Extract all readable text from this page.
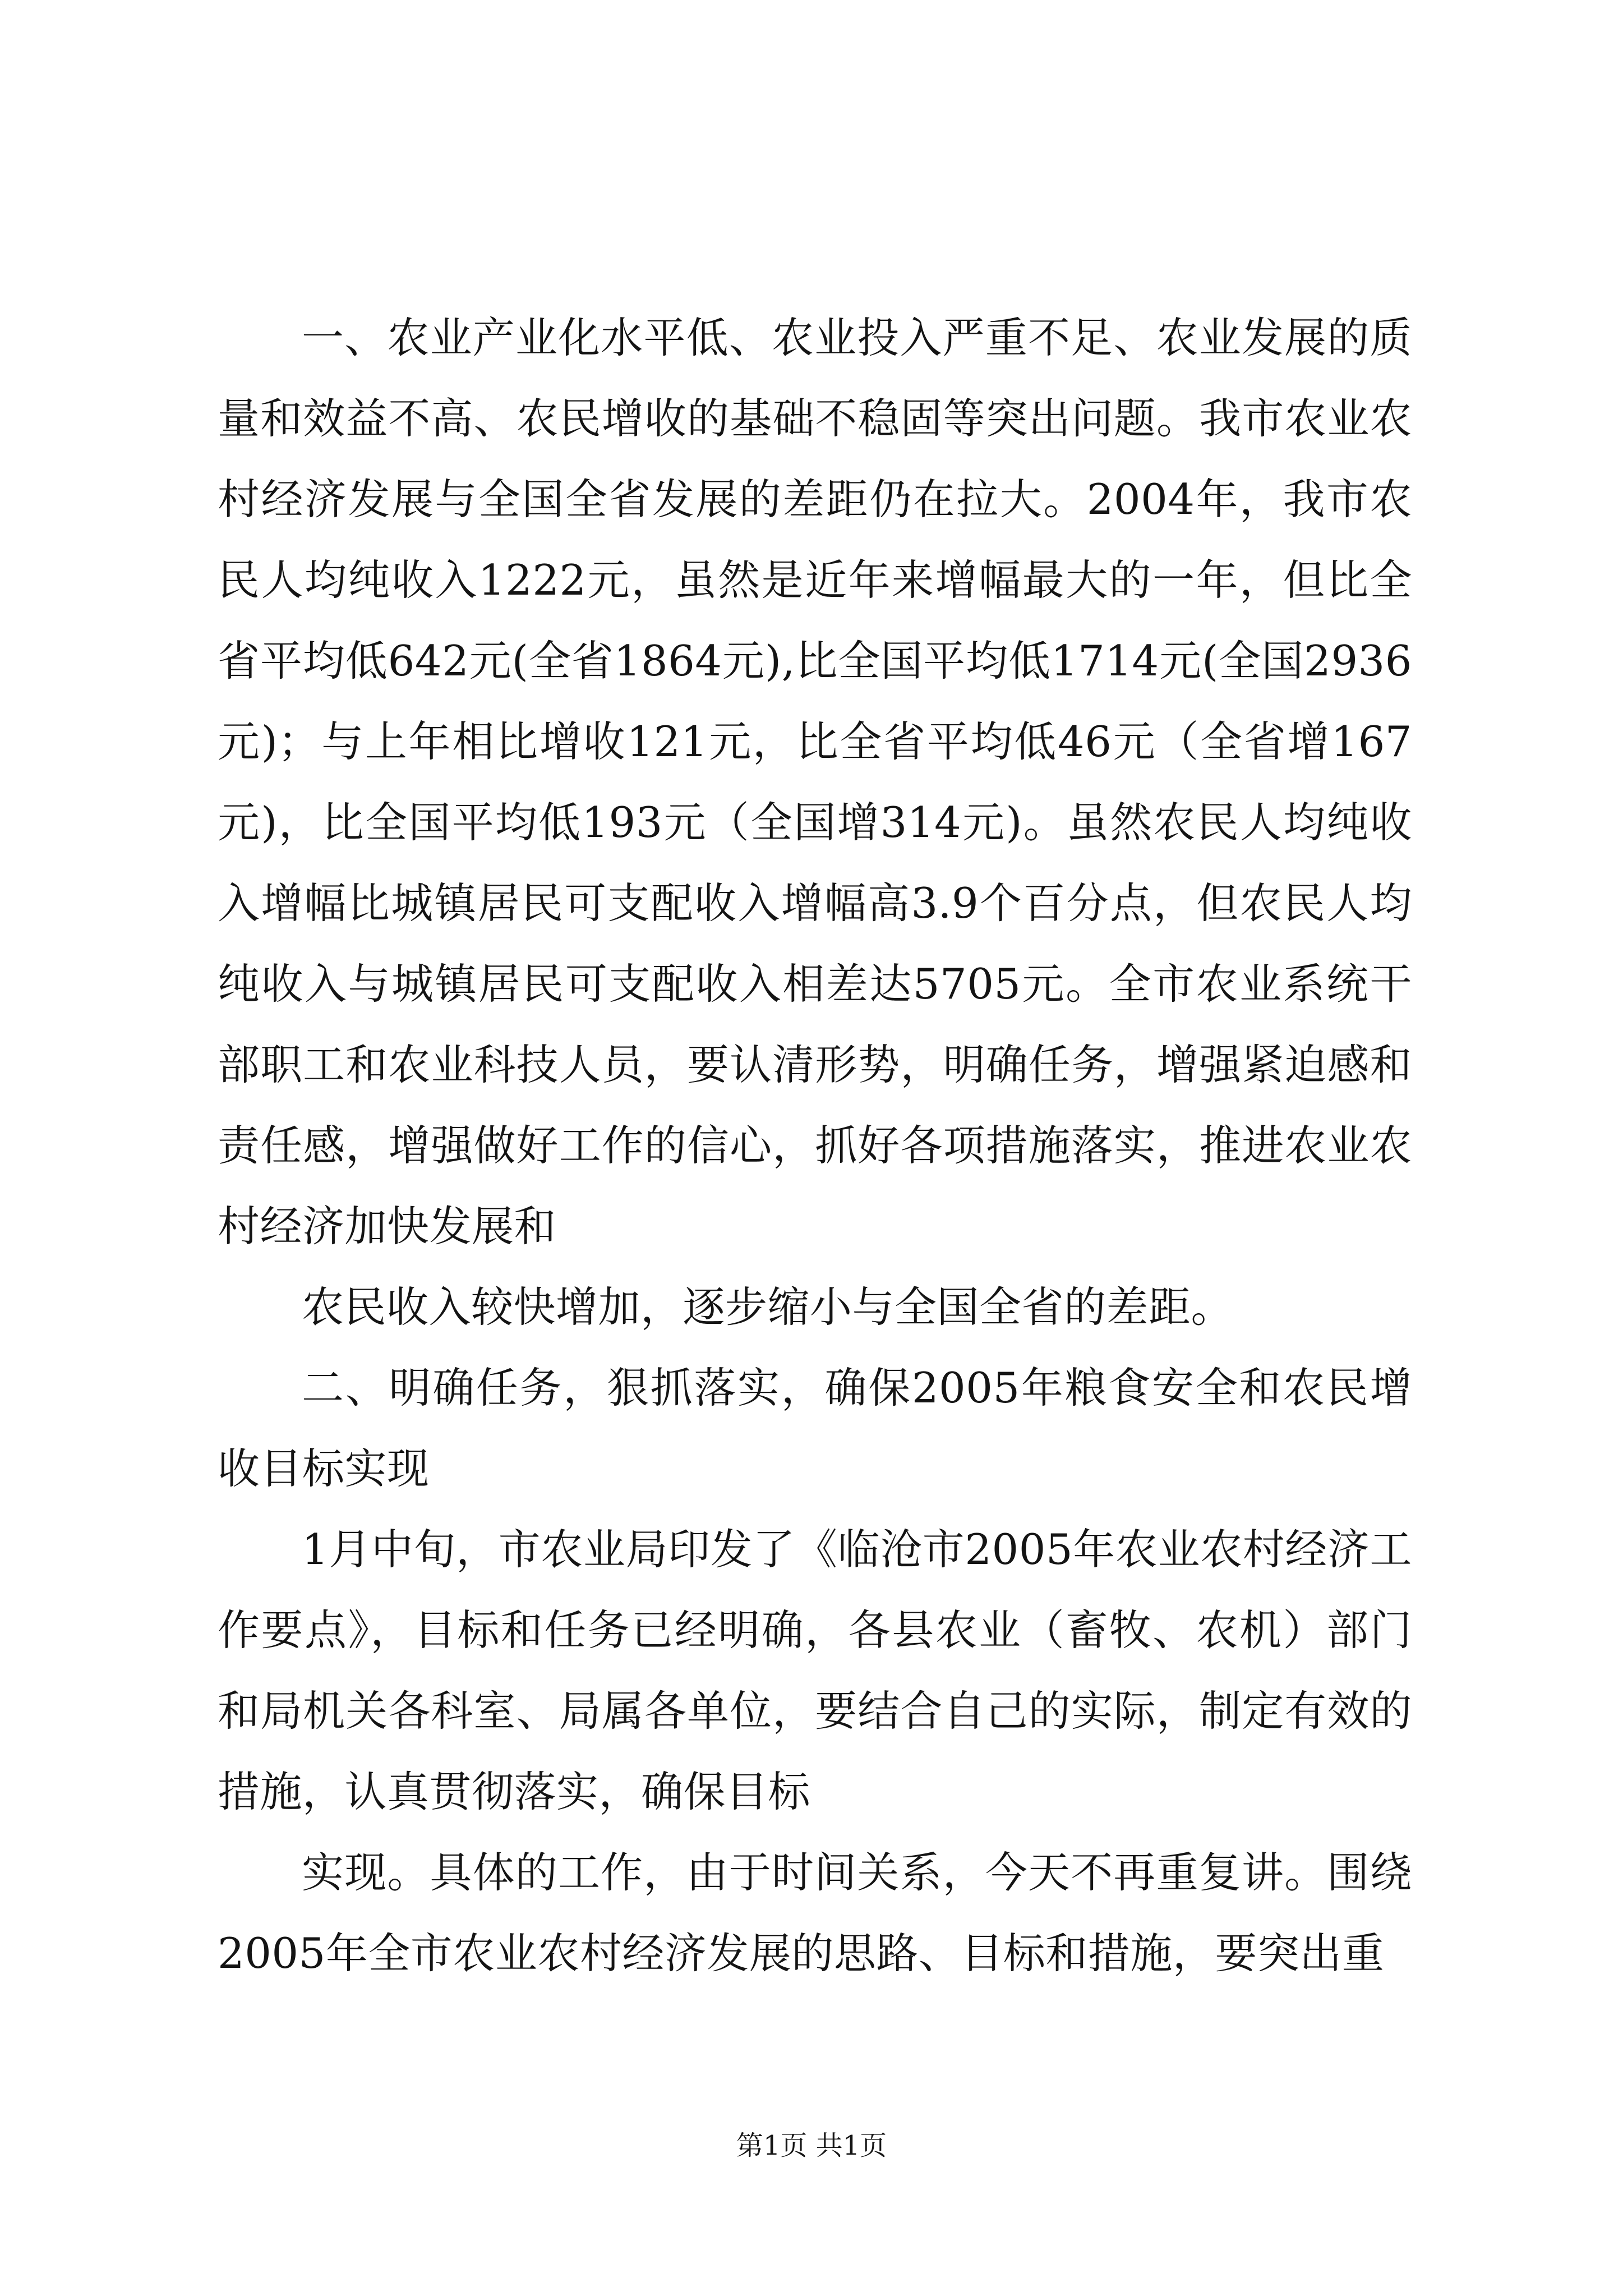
一、农业产业化水平低、农业投入严重不足、农业发展的质量和效益不高、农民增收的基础不稳固等突出问题。我市农业农村经济发展与全国全省发展的差距仍在拉大。2004年，我市农民人均纯收入1222元，虽然是近年来增幅最大的一年，但比全省平均低642元(全省1864元),比全国平均低1714元(全国2936元)；与上年相比增收121元，比全省平均低46元（全省增167元)，比全国平均低193元（全国增314元)。虽然农民人均纯收入增幅比城镇居民可支配收入增幅高3.9个百分点，但农民人均纯收入与城镇居民可支配收入相差达5705元。全市农业系统干部职工和农业科技人员，要认清形势，明确任务，增强紧迫感和责任感，增强做好工作的信心，抓好各项措施落实，推进农业农村经济加快发展和

农民收入较快增加，逐步缩小与全国全省的差距。

二、明确任务，狠抓落实，确保2005年粮食安全和农民增收目标实现

1月中旬，市农业局印发了《临沧市2005年农业农村经济工作要点》，目标和任务已经明确，各县农业（畜牧、农机）部门和局机关各科室、局属各单位，要结合自己的实际，制定有效的措施，认真贯彻落实，确保目标

实现。具体的工作，由于时间关系，今天不再重复讲。围绕2005年全市农业农村经济发展的思路、目标和措施，要突出重

第1页 共1页
